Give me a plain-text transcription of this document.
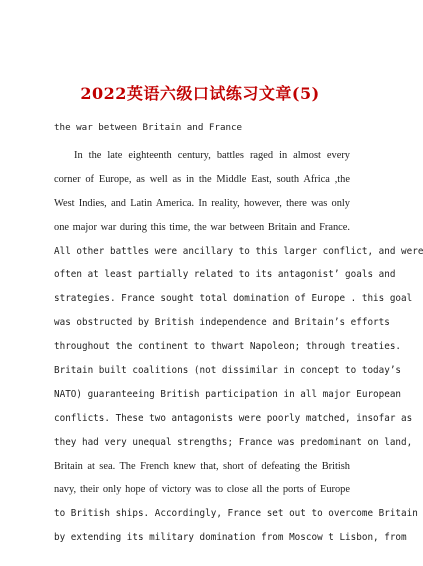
2022英语六级口试练习文章(5)
the war between Britain and France
In the late eighteenth century, battles raged in almost every
corner of Europe, as well as in the Middle East, south Africa ,the
West Indies, and Latin America. In reality, however, there was only
one major war during this time, the war between Britain and France.
All other battles were ancillary to this larger conflict, and were
often at least partially related to its antagonist’ goals and
strategies. France sought total domination of Europe . this goal
was obstructed by British independence and Britain’s efforts
throughout the continent to thwart Napoleon; through treaties.
Britain built coalitions (not dissimilar in concept to today’s
NATO) guaranteeing British participation in all major European
conflicts. These two antagonists were poorly matched, insofar as
they had very unequal strengths; France was predominant on land,
Britain at sea. The French knew that, short of defeating the British
navy, their only hope of victory was to close all the ports of Europe
to British ships. Accordingly, France set out to overcome Britain
by extending its military domination from Moscow t Lisbon, from
